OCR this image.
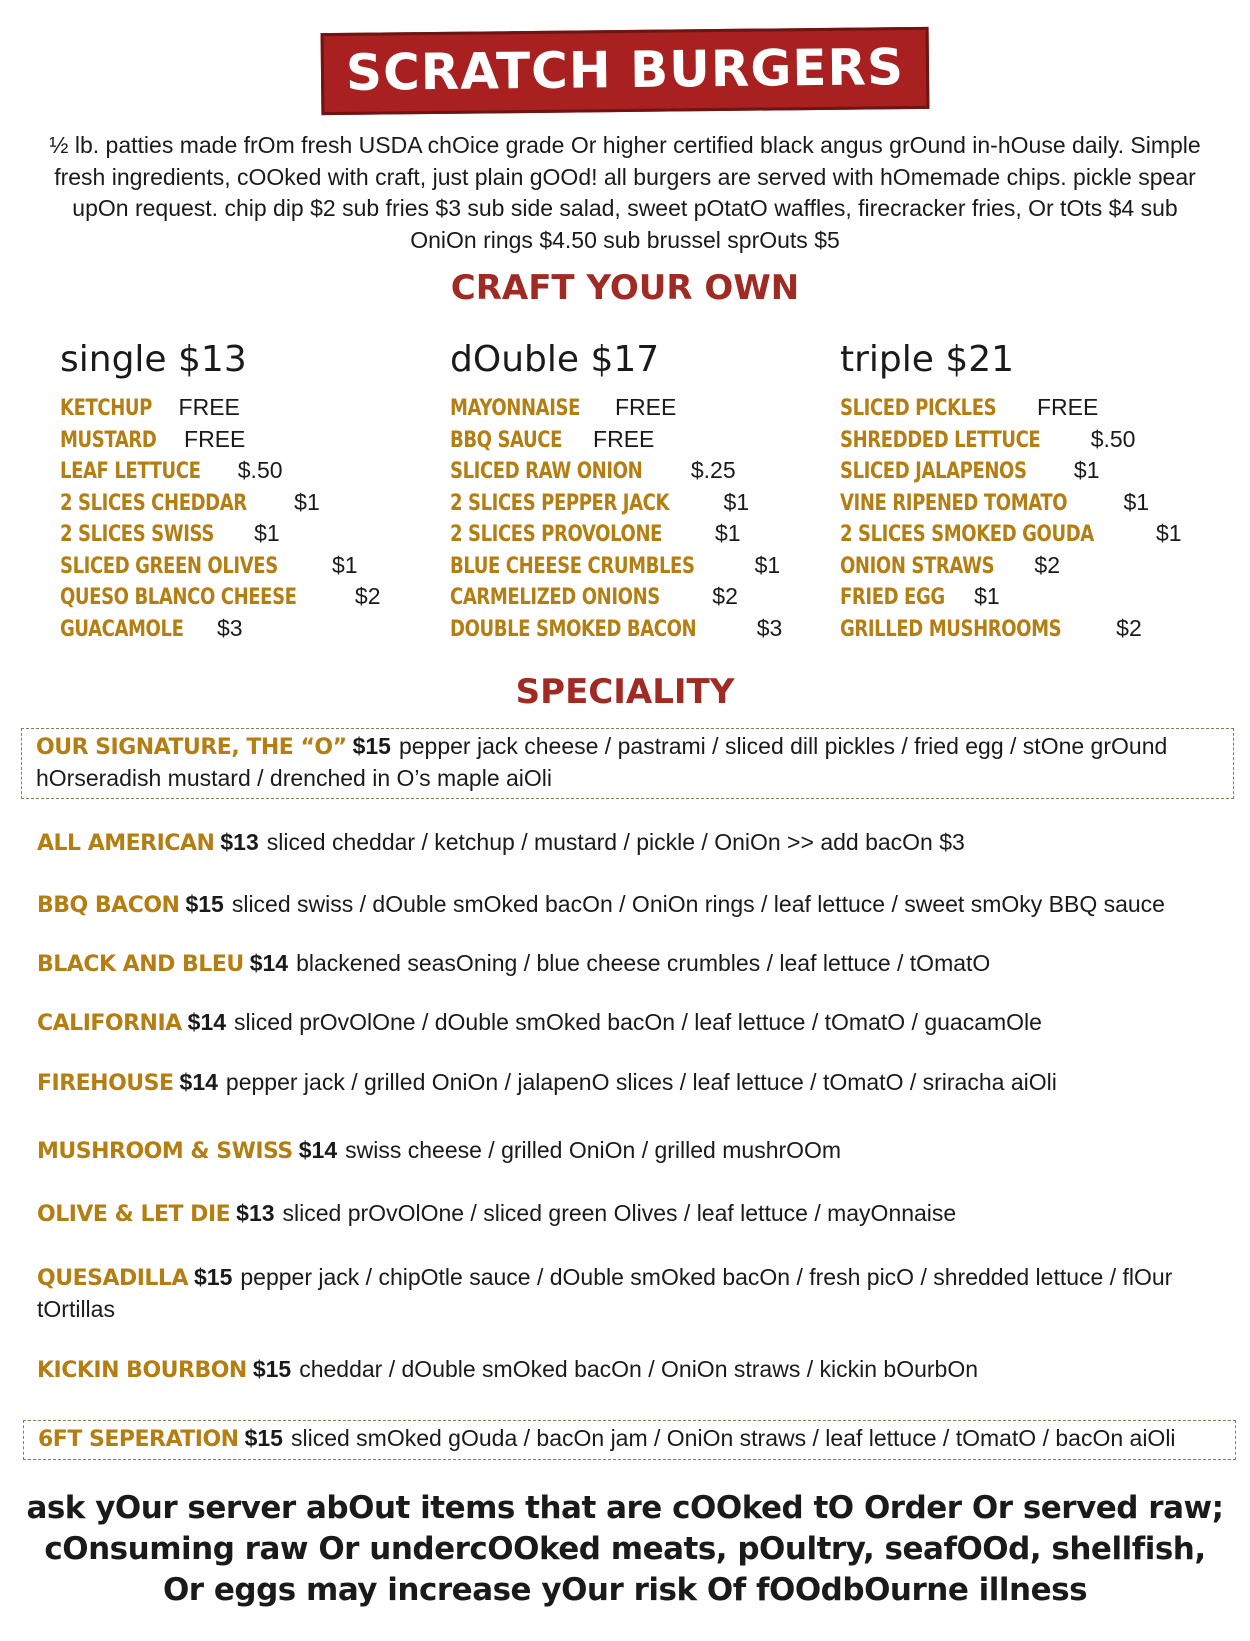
SCRATCH BURGERS
½ lb. patties made frOm fresh USDA chOice grade Or higher certified black angus grOund in-hOuse daily. Simple fresh ingredients, cOOked with craft, just plain gOOd! all burgers are served with hOmemade chips. pickle spear upOn request. chip dip $2 sub fries $3 sub side salad, sweet pOtatO waffles, firecracker fries, Or tOts $4 sub OniOn rings $4.50 sub brussel sprOuts $5
CRAFT YOUR OWN
single $13
KETCHUP FREE
MUSTARD FREE
LEAF LETTUCE $.50
2 SLICES CHEDDAR $1
2 SLICES SWISS $1
SLICED GREEN OLIVES $1
QUESO BLANCO CHEESE	$2
GUACAMOLE $3
dOuble $17
MAYONNAISE FREE
BBQ SAUCE FREE
SLICED RAW ONION $.25
2 SLICES PEPPER JACK $1
2 SLICES PROVOLONE $1
BLUE CHEESE CRUMBLES	$1
CARMELIZED ONIONS $2
DOUBLE SMOKED BACON	$3
triple $21
SLICED PICKLES FREE
SHREDDED LETTUCE $.50
SLICED JALAPENOS $1
VINE RIPENED TOMATO $1
2 SLICES SMOKED GOUDA	$1
ONION STRAWS $2
FRIED EGG $1
GRILLED MUSHROOMS $2
SPECIALITY
OUR SIGNATURE, THE “O” $15 pepper jack cheese / pastrami / sliced dill pickles / fried egg / stOne grOund hOrseradish mustard / drenched in O’s maple aiOli
ALL AMERICAN $13 sliced cheddar / ketchup / mustard / pickle / OniOn >> add bacOn $3
BBQ BACON $15 sliced swiss / dOuble smOked bacOn / OniOn rings / leaf lettuce / sweet smOky BBQ sauce
BLACK AND BLEU $14 blackened seasOning / blue cheese crumbles / leaf lettuce / tOmatO
CALIFORNIA $14 sliced prOvOlOne / dOuble smOked bacOn / leaf lettuce / tOmatO / guacamOle
FIREHOUSE $14 pepper jack / grilled OniOn / jalapenO slices / leaf lettuce / tOmatO / sriracha aiOli
MUSHROOM & SWISS $14 swiss cheese / grilled OniOn / grilled mushrOOm
OLIVE & LET DIE $13 sliced prOvOlOne / sliced green Olives / leaf lettuce / mayOnnaise
QUESADILLA $15 pepper jack / chipOtle sauce / dOuble smOked bacOn / fresh picO / shredded lettuce / flOur tOrtillas
KICKIN BOURBON $15 cheddar / dOuble smOked bacOn / OniOn straws / kickin bOurbOn
6FT SEPERATION $15 sliced smOked gOuda / bacOn jam / OniOn straws / leaf lettuce / tOmatO / bacOn aiOli
ask yOur server abOut items that are cOOked tO Order Or served raw; cOnsuming raw Or undercOOked meats, pOultry, seafOOd, shellfish, Or eggs may increase yOur risk Of fOOdbOurne illness
